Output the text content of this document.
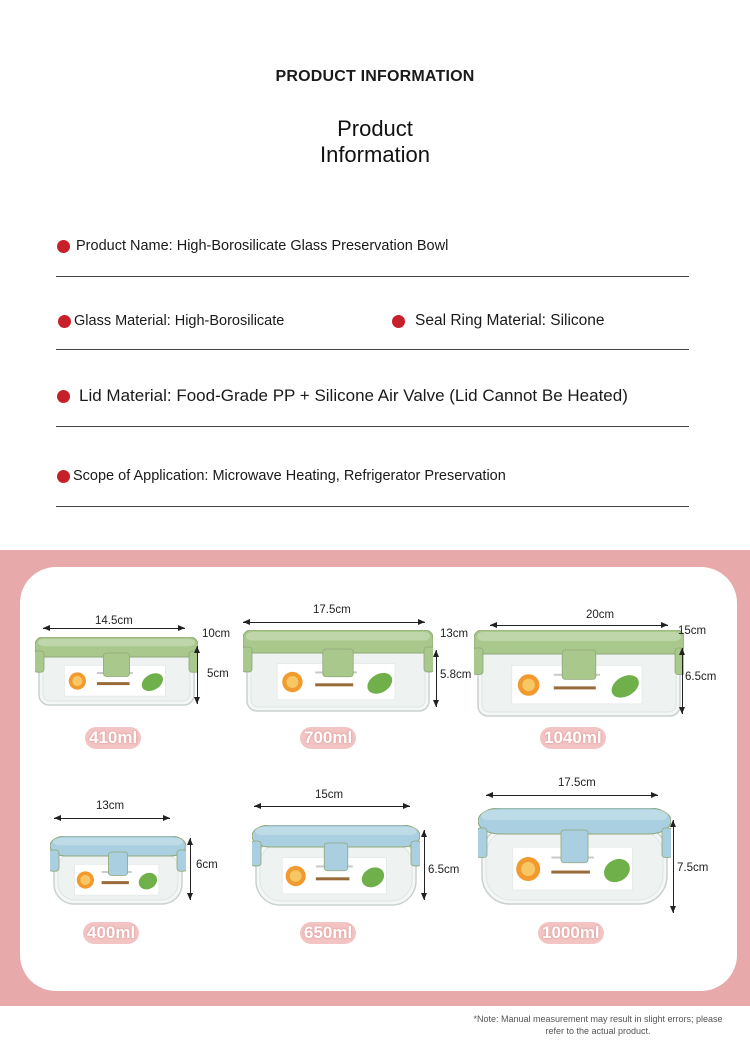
PRODUCT INFORMATION
Product
Information
Product Name: High-Borosilicate Glass Preservation Bowl
Glass Material: High-Borosilicate	Seal Ring Material: Silicone
Lid Material: Food-Grade PP + Silicone Air Valve (Lid Cannot Be Heated)
Scope of Application: Microwave Heating, Refrigerator Preservation
14.5cm
10cm
5cm
410ml
17.5cm
13cm
5.8cm
700ml
20cm
15cm
6.5cm
1040ml
13cm
6cm
400ml
15cm
6.5cm
650ml
17.5cm
7.5cm
1000ml
*Note: Manual measurement may result in slight errors; please
refer to the actual product.
